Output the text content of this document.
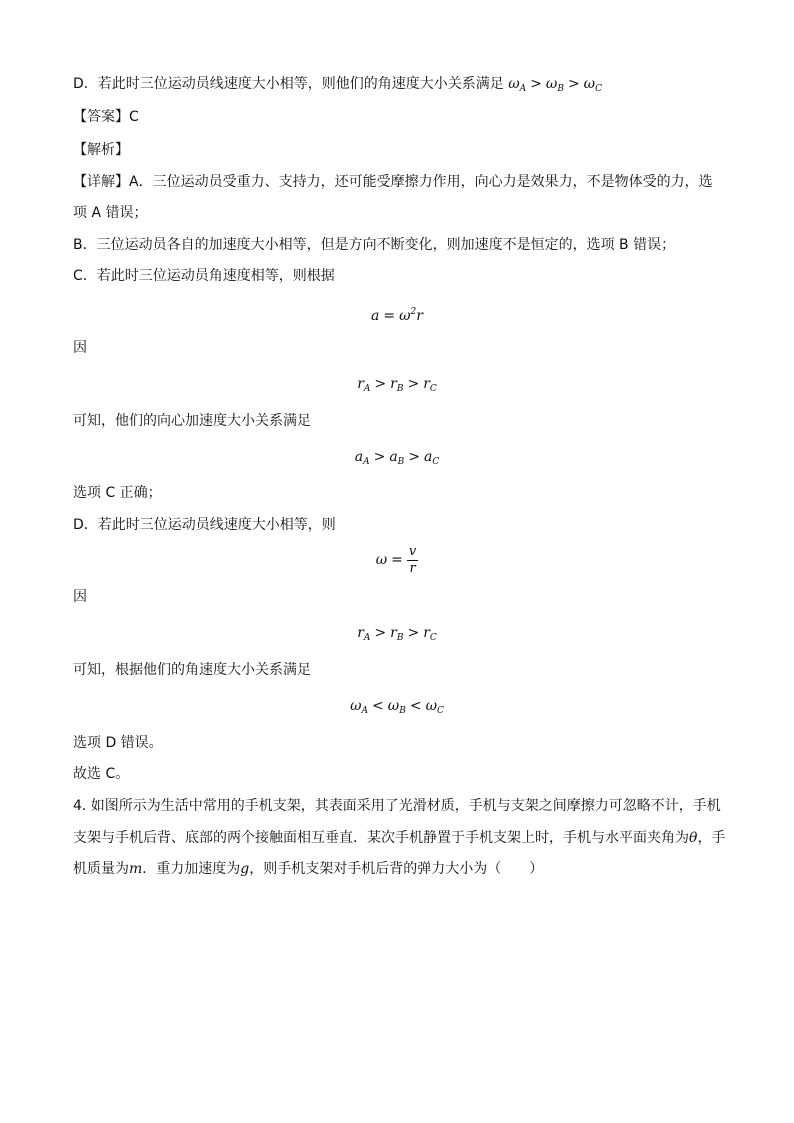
D．若此时三位运动员线速度大小相等，则他们的角速度大小关系满足 $\omega_A > \omega_B > \omega_C$
【答案】C
【解析】
【详解】A．三位运动员受重力、支持力，还可能受摩擦力作用，向心力是效果力，不是物体受的力，选
项 A 错误；
B．三位运动员各自的加速度大小相等，但是方向不断变化，则加速度不是恒定的，选项 B 错误；
C．若此时三位运动员角速度相等，则根据
$a = \omega^2r$
因
$r_A > r_B > r_C$
可知，他们的向心加速度大小关系满足
$a_A > a_B > a_C$
选项 C 正确；
D．若此时三位运动员线速度大小相等，则
$\omega = \frac{v}{r}$
因
$r_A > r_B > r_C$
可知，根据他们的角速度大小关系满足
$\omega_A < \omega_B < \omega_C$
选项 D 错误。
故选 C。
4. 如图所示为生活中常用的手机支架，其表面采用了光滑材质，手机与支架之间摩擦力可忽略不计，手机
支架与手机后背、底部的两个接触面相互垂直．某次手机静置于手机支架上时，手机与水平面夹角为θ，手
机质量为m．重力加速度为g，则手机支架对手机后背的弹力大小为（　　）
